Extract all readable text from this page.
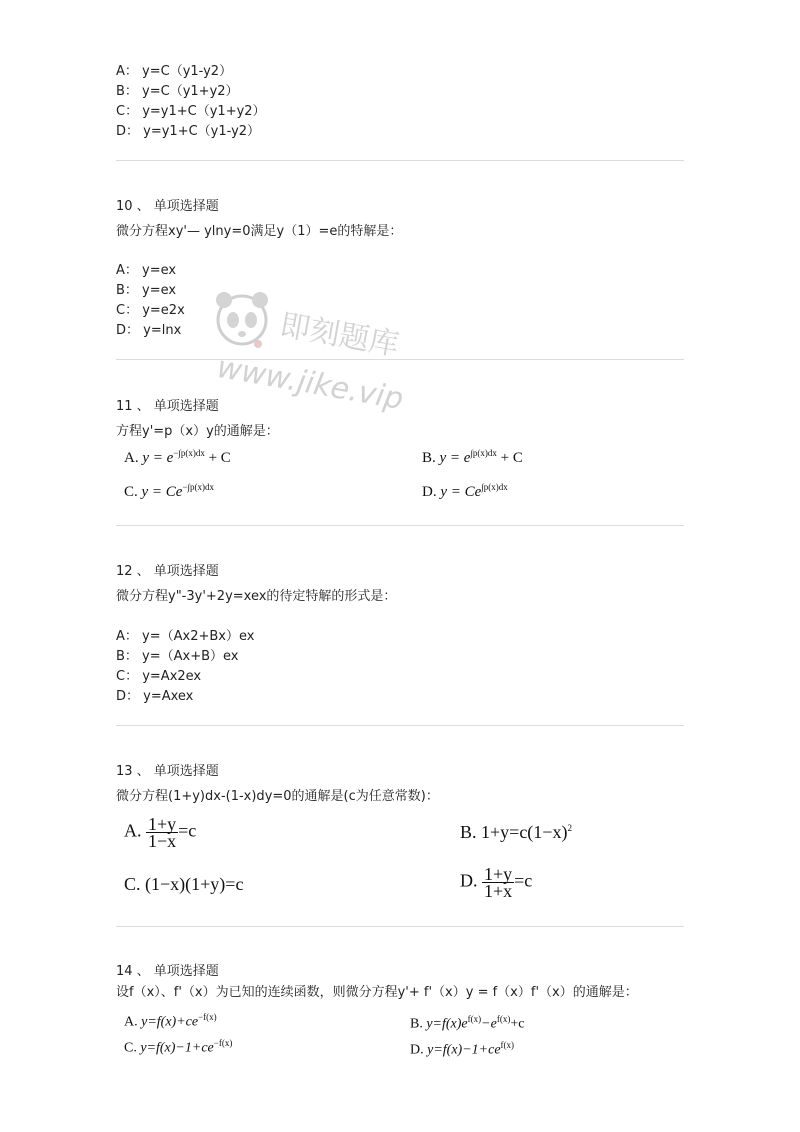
A： y=C（y1-y2）
B： y=C（y1+y2）
C： y=y1+C（y1+y2）
D： y=y1+C（y1-y2）
10 、 单项选择题
微分方程xy'— ylny=0满足y（1）=e的特解是：
A： y=ex
B： y=ex
C： y=e2x
D： y=lnx	即刻题库
www.jike.vip
11 、 单项选择题
方程y'=p（x）y的通解是：
A. $y = e^{-\int p(x)dx} + C$	B. $y = e^{\int p(x)dx} + C$
C. $y = Ce^{-\int p(x)dx}$	D. $y = Ce^{\int p(x)dx}$
12 、 单项选择题
微分方程y"-3y'+2y=xex的待定特解的形式是：
A： y=（Ax2+Bx）ex
B： y=（Ax+B）ex
C： y=Ax2ex
D： y=Axex
13 、 单项选择题
微分方程(1+y)dx-(1-x)dy=0的通解是(c为任意常数)：
A. $\frac{1+y}{1-x} =c$	B. $1+y=c(1-x)^2$
C. (1−x)(1+y)=c	D. $\frac{1+y}{1+x} =c$
14 、 单项选择题
设f（x）、f'（x）为已知的连续函数，则微分方程y'+ f'（x）y = f（x）f'（x）的通解是：
A. $y=f(x)+ce^{-f(x)}$	B. $y=f(x)e^{f(x)}-e^{f(x)}+c$
C. $y=f(x)-1+ce^{-f(x)}$	D. $y=f(x)-1+ce^{f(x)}$
